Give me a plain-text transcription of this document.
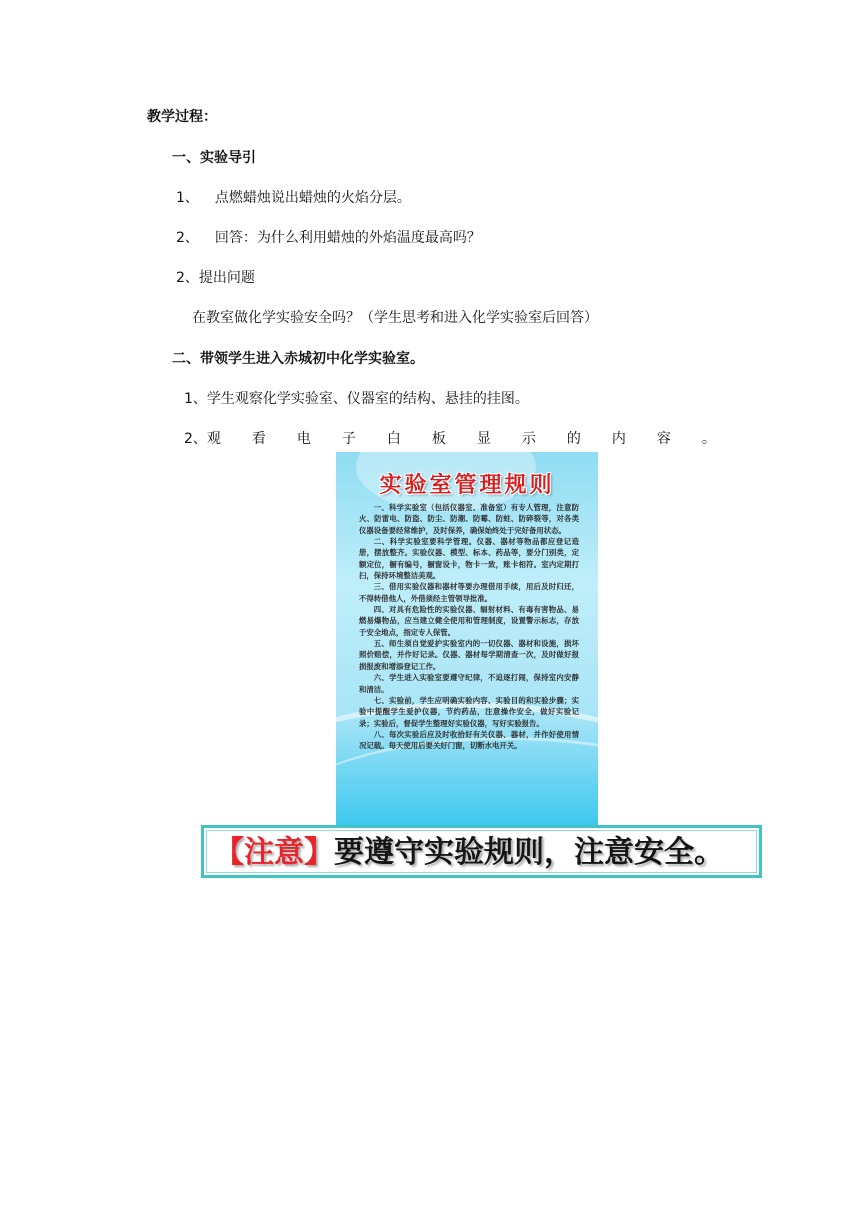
教学过程：
一、实验导引
1、 点燃蜡烛说出蜡烛的火焰分层。
2、 回答：为什么利用蜡烛的外焰温度最高吗？
2、提出问题
在教室做化学实验安全吗？（学生思考和进入化学实验室后回答）
二、带领学生进入赤城初中化学实验室。
1、学生观察化学实验室、仪器室的结构、悬挂的挂图。
2、观 看 电 子 白 板 显 示 的 内 容 。
实验室管理规则

一、科学实验室（包括仪器室、准备室）有专人管理，注意防火、防雷电、防盗、防尘、防潮、防霉、防蛀、防碎裂等，对各类仪器设备要经常维护，及时保养，确保始终处于完好备用状态。

二、科学实验室要科学管理。仪器、器材等物品都应登记造册，摆放整齐。实验仪器、模型、标本、药品等，要分门别类，定额定位，橱有编号，橱窗设卡，物卡一致，账卡相符。室内定期打扫，保持环境整洁美观。

三、借用实验仪器和器材等要办理借用手续，用后及时归还，不得转借他人，外借须经主管领导批准。

四、对具有危险性的实验仪器、辐射材料、有毒有害物品、易燃易爆物品，应当建立健全使用和管理制度，设置警示标志，存放于安全地点，指定专人保管。

五、师生须自觉爱护实验室内的一切仪器、器材和设施，损坏照价赔偿，并作好记录。仪器、器材每学期清查一次，及时做好报损报废和增添登记工作。

六、学生进入实验室要遵守纪律，不追逐打闹，保持室内安静和清洁。

七、实验前，学生应明确实验内容、实验目的和实验步骤；实验中提醒学生爱护仪器，节约药品，注意操作安全，做好实验记录；实验后，督促学生整理好实验仪器，写好实验报告。

八、每次实验后应及时收拾好有关仪器、器材，并作好使用情况记载。每天使用后要关好门窗，切断水电开关。

【注意】要遵守实验规则，注意安全。
